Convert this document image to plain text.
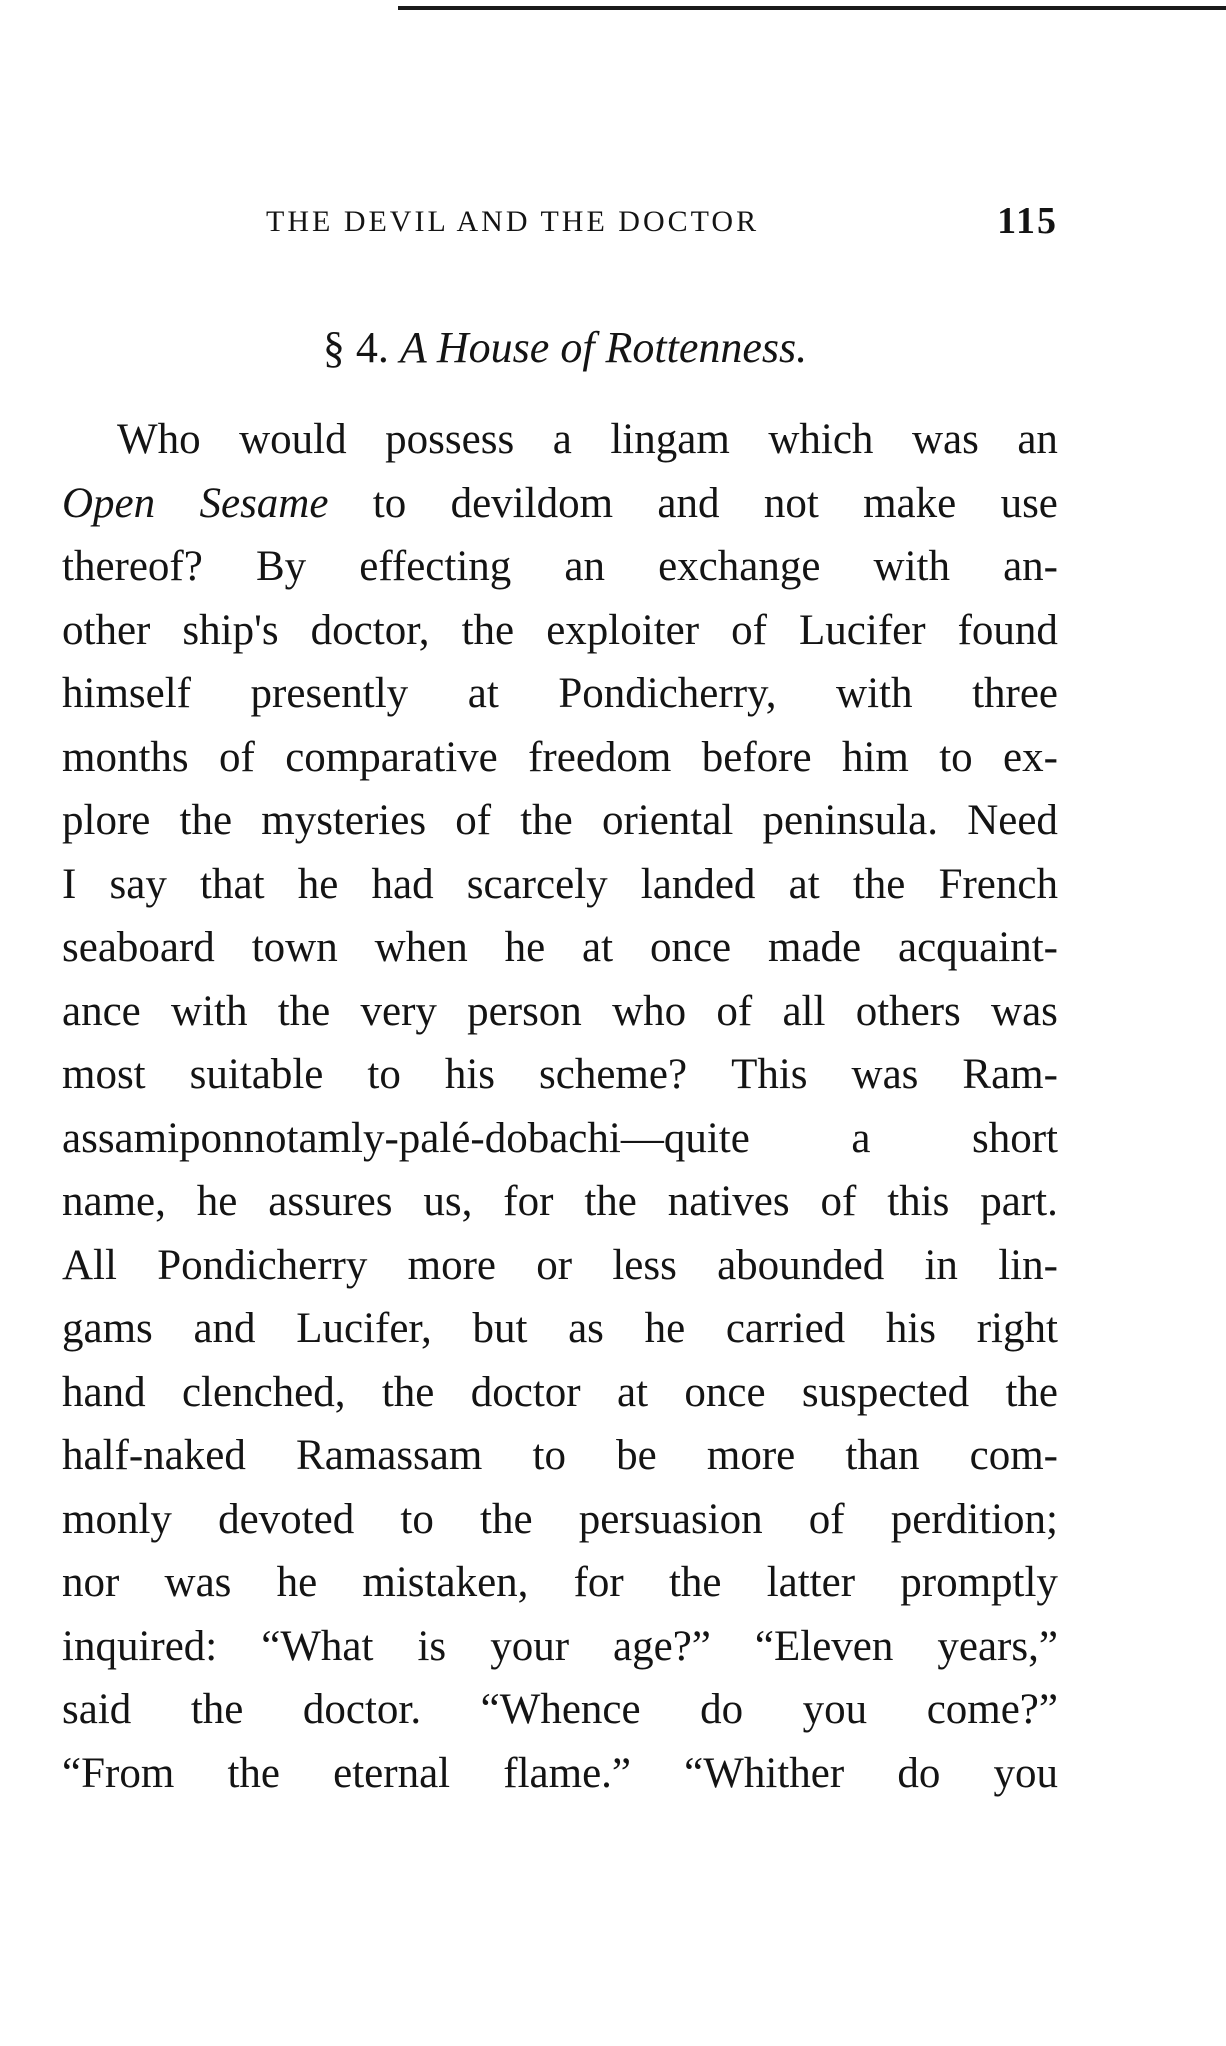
THE DEVIL AND THE DOCTOR	115
§ 4. A House of Rottenness.
Who would possess a lingam which was an
Open Sesame to devildom and not make use
thereof? By effecting an exchange with an-
other ship's doctor, the exploiter of Lucifer found
himself presently at Pondicherry, with three
months of comparative freedom before him to ex-
plore the mysteries of the oriental peninsula. Need
I say that he had scarcely landed at the French
seaboard town when he at once made acquaint-
ance with the very person who of all others was
most suitable to his scheme? This was Ram-
assamiponnotamly-palé-dobachi—quite a short
name, he assures us, for the natives of this part.
All Pondicherry more or less abounded in lin-
gams and Lucifer, but as he carried his right
hand clenched, the doctor at once suspected the
half-naked Ramassam to be more than com-
monly devoted to the persuasion of perdition;
nor was he mistaken, for the latter promptly
inquired: “What is your age?” “Eleven years,”
said the doctor. “Whence do you come?”
“From the eternal flame.” “Whither do you
